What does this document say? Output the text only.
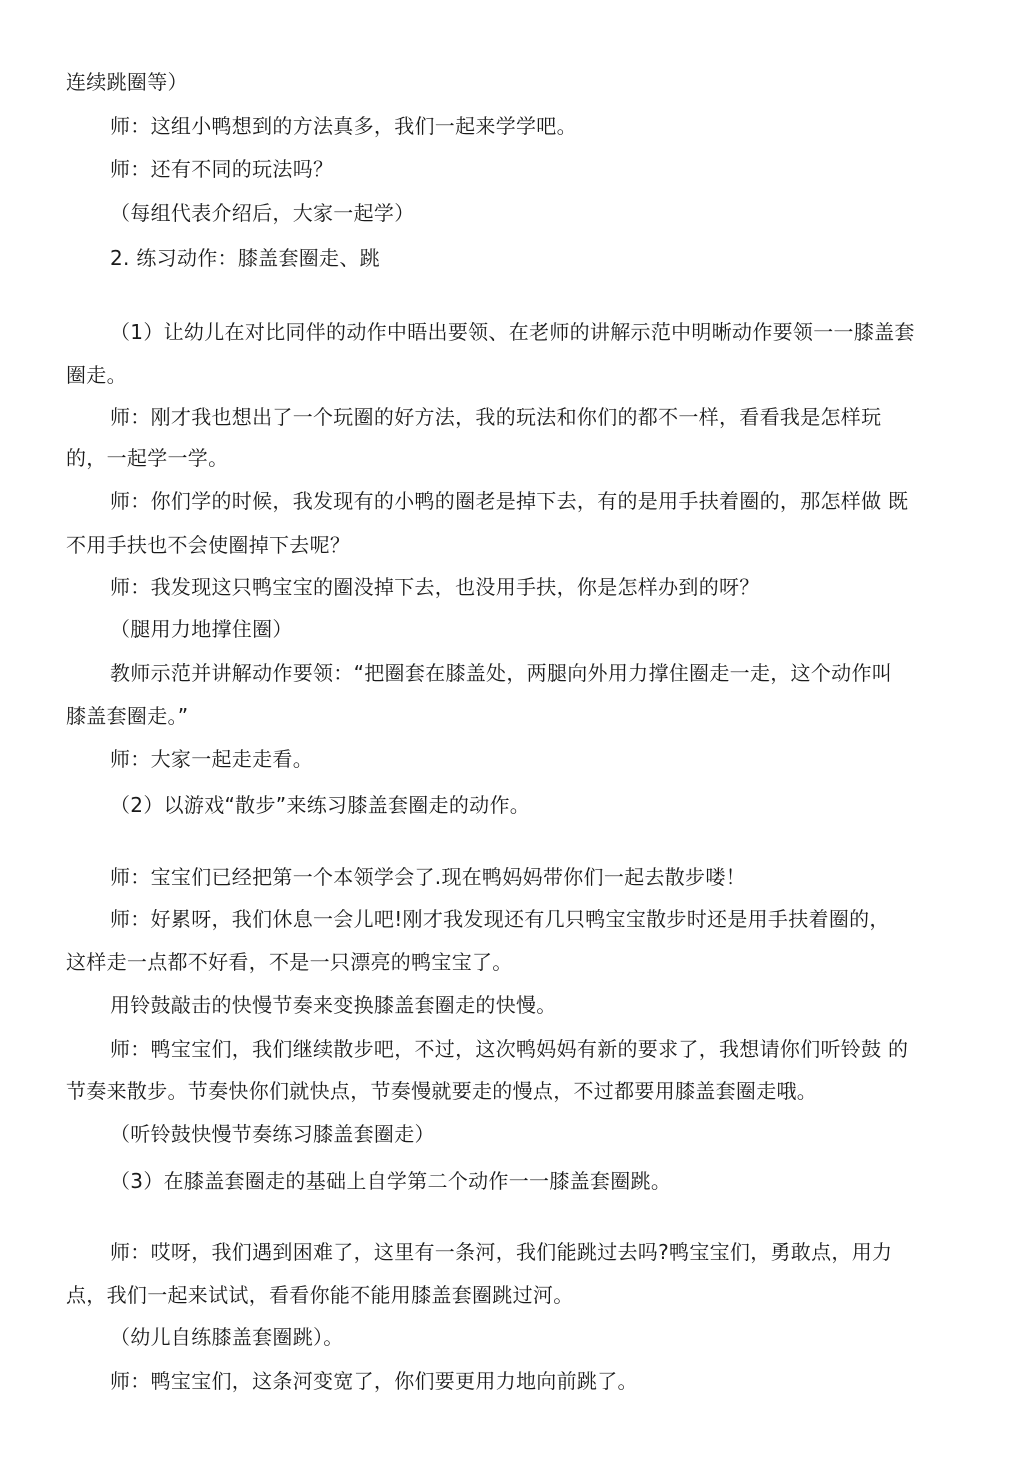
连续跳圈等）
师：这组小鸭想到的方法真多，我们一起来学学吧。
师：还有不同的玩法吗？
（每组代表介绍后，大家一起学）
2. 练习动作：膝盖套圈走、跳
（1）让幼儿在对比同伴的动作中晤出要领、在老师的讲解示范中明晰动作要领一一膝盖套
圈走。
师：刚才我也想出了一个玩圈的好方法，我的玩法和你们的都不一样，看看我是怎样玩
的，一起学一学。
师：你们学的时候，我发现有的小鸭的圈老是掉下去，有的是用手扶着圈的，那怎样做 既
不用手扶也不会使圈掉下去呢？
师：我发现这只鸭宝宝的圈没掉下去，也没用手扶，你是怎样办到的呀？
（腿用力地撑住圈）
教师示范并讲解动作要领：“把圈套在膝盖处，两腿向外用力撑住圈走一走，这个动作叫
膝盖套圈走。”
师：大家一起走走看。
（2）以游戏“散步”来练习膝盖套圈走的动作。
师：宝宝们已经把第一个本领学会了.现在鸭妈妈带你们一起去散步喽！
师：好累呀，我们休息一会儿吧!刚才我发现还有几只鸭宝宝散步时还是用手扶着圈的，
这样走一点都不好看，不是一只漂亮的鸭宝宝了。
用铃鼓敲击的快慢节奏来变换膝盖套圈走的快慢。
师：鸭宝宝们，我们继续散步吧，不过，这次鸭妈妈有新的要求了，我想请你们听铃鼓 的
节奏来散步。节奏快你们就快点，节奏慢就要走的慢点，不过都要用膝盖套圈走哦。
（听铃鼓快慢节奏练习膝盖套圈走）
（3）在膝盖套圈走的基础上自学第二个动作一一膝盖套圈跳。
师：哎呀，我们遇到困难了，这里有一条河，我们能跳过去吗?鸭宝宝们，勇敢点，用力
点，我们一起来试试，看看你能不能用膝盖套圈跳过河。
（幼儿自练膝盖套圈跳）。
师：鸭宝宝们，这条河变宽了，你们要更用力地向前跳了。
